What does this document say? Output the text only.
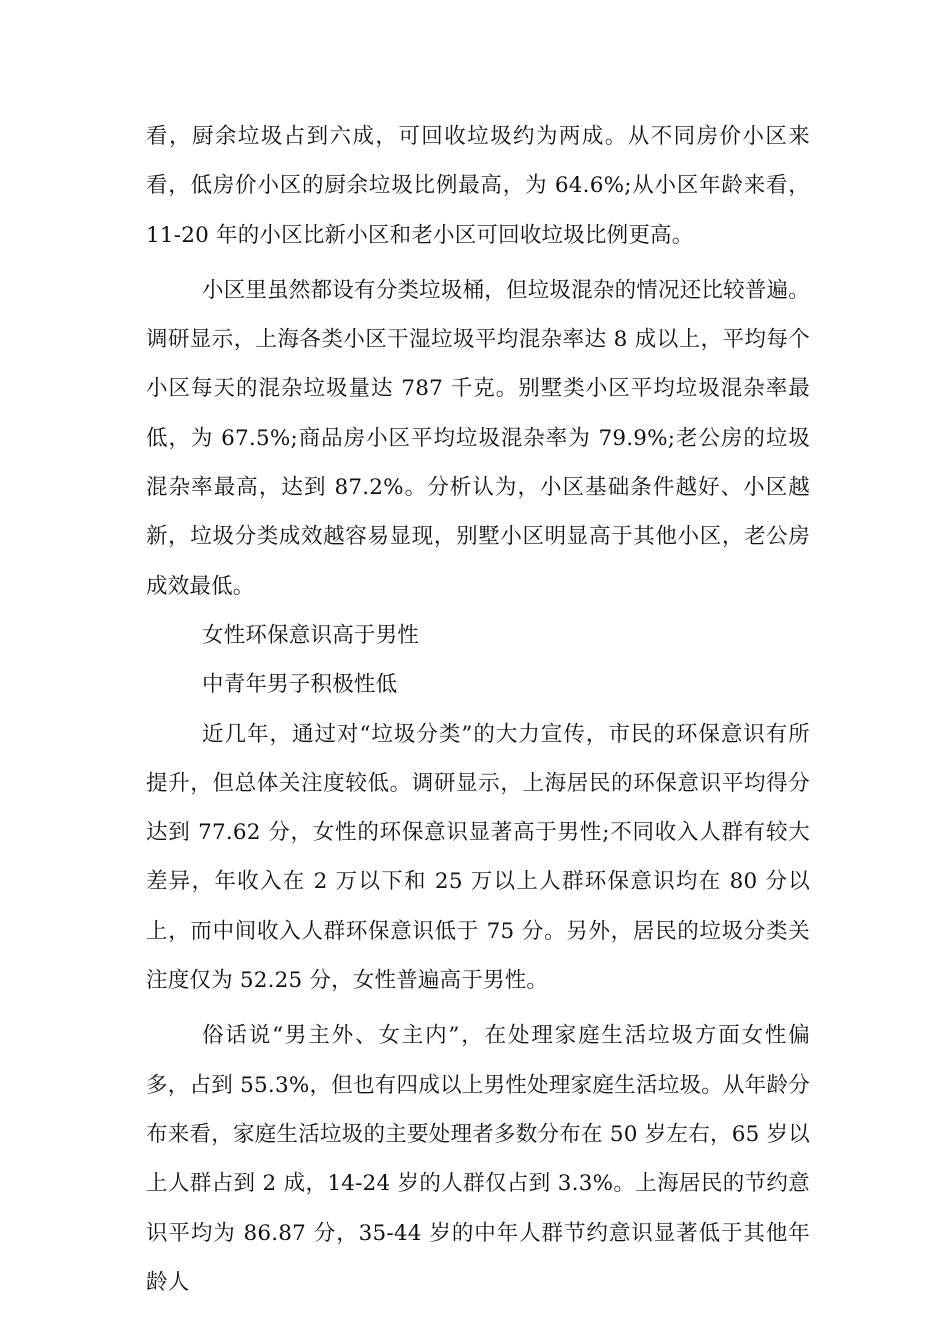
看，厨余垃圾占到六成，可回收垃圾约为两成。从不同房价小区来看，低房价小区的厨余垃圾比例最高，为 64.6%;从小区年龄来看，11-20 年的小区比新小区和老小区可回收垃圾比例更高。

小区里虽然都设有分类垃圾桶，但垃圾混杂的情况还比较普遍。调研显示，上海各类小区干湿垃圾平均混杂率达 8 成以上，平均每个小区每天的混杂垃圾量达 787 千克。别墅类小区平均垃圾混杂率最低，为 67.5%;商品房小区平均垃圾混杂率为 79.9%;老公房的垃圾混杂率最高，达到 87.2%。分析认为，小区基础条件越好、小区越新，垃圾分类成效越容易显现，别墅小区明显高于其他小区，老公房成效最低。

女性环保意识高于男性

中青年男子积极性低

近几年，通过对“垃圾分类”的大力宣传，市民的环保意识有所提升，但总体关注度较低。调研显示，上海居民的环保意识平均得分达到 77.62 分，女性的环保意识显著高于男性;不同收入人群有较大差异，年收入在 2 万以下和 25 万以上人群环保意识均在 80 分以上，而中间收入人群环保意识低于 75 分。另外，居民的垃圾分类关注度仅为 52.25 分，女性普遍高于男性。

俗话说“男主外、女主内”，在处理家庭生活垃圾方面女性偏多，占到 55.3%，但也有四成以上男性处理家庭生活垃圾。从年龄分布来看，家庭生活垃圾的主要处理者多数分布在 50 岁左右，65 岁以上人群占到 2 成，14-24 岁的人群仅占到 3.3%。上海居民的节约意识平均为 86.87 分，35-44 岁的中年人群节约意识显著低于其他年龄人
